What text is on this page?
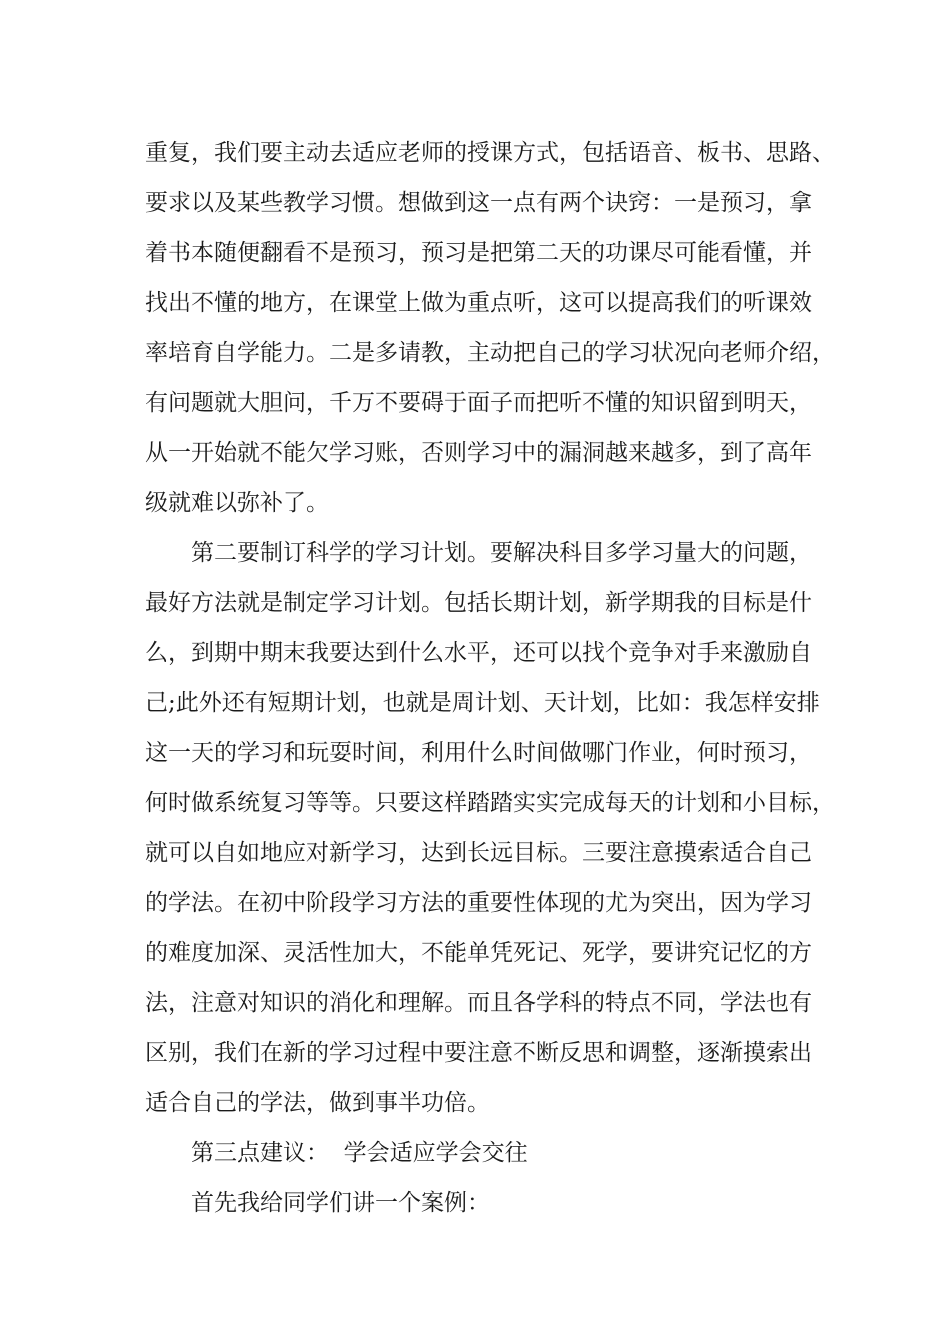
重复，我们要主动去适应老师的授课方式，包括语音、板书、思路、
要求以及某些教学习惯。想做到这一点有两个诀窍：一是预习，拿
着书本随便翻看不是预习，预习是把第二天的功课尽可能看懂，并
找出不懂的地方，在课堂上做为重点听，这可以提高我们的听课效
率培育自学能力。二是多请教，主动把自己的学习状况向老师介绍，
有问题就大胆问，千万不要碍于面子而把听不懂的知识留到明天，
从一开始就不能欠学习账，否则学习中的漏洞越来越多，到了高年
级就难以弥补了。
第二要制订科学的学习计划。要解决科目多学习量大的问题，
最好方法就是制定学习计划。包括长期计划，新学期我的目标是什
么，到期中期末我要达到什么水平，还可以找个竞争对手来激励自
己;此外还有短期计划，也就是周计划、天计划，比如：我怎样安排
这一天的学习和玩耍时间，利用什么时间做哪门作业，何时预习，
何时做系统复习等等。只要这样踏踏实实完成每天的计划和小目标，
就可以自如地应对新学习，达到长远目标。三要注意摸索适合自己
的学法。在初中阶段学习方法的重要性体现的尤为突出，因为学习
的难度加深、灵活性加大，不能单凭死记、死学，要讲究记忆的方
法，注意对知识的消化和理解。而且各学科的特点不同，学法也有
区别，我们在新的学习过程中要注意不断反思和调整，逐渐摸索出
适合自己的学法，做到事半功倍。
第三点建议：  学会适应学会交往
首先我给同学们讲一个案例：
